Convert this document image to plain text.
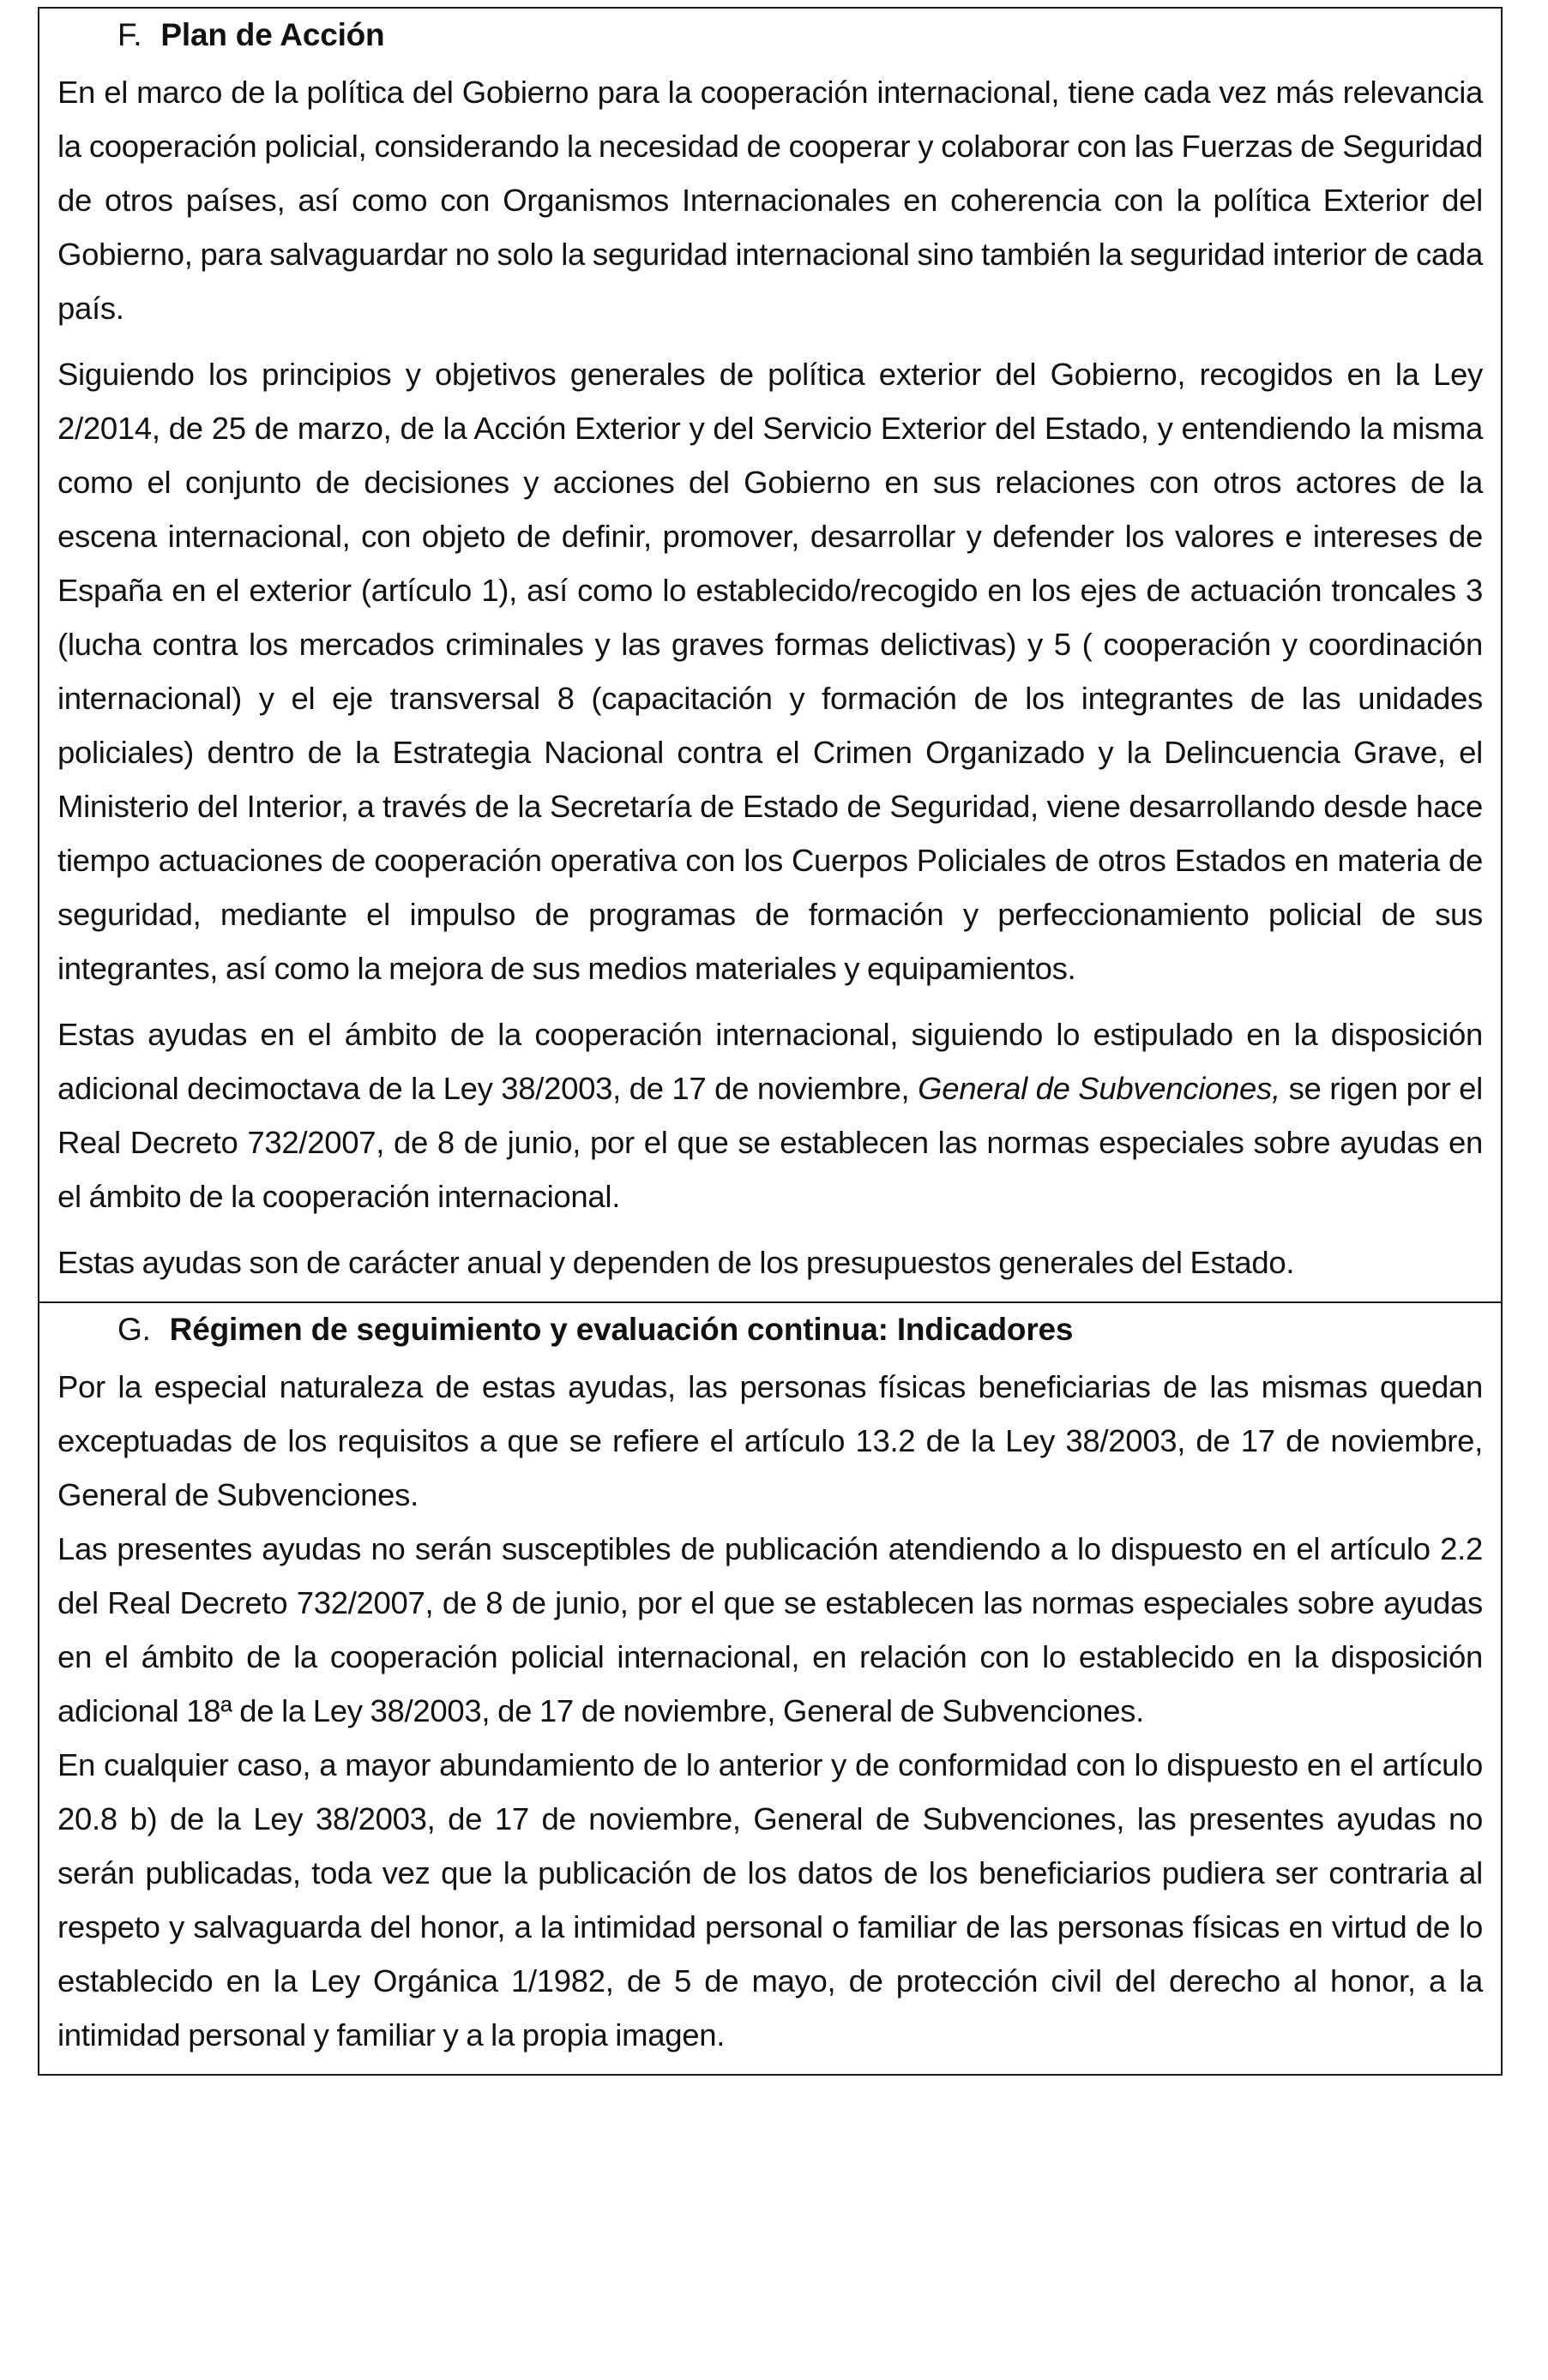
F. Plan de Acción

En el marco de la política del Gobierno para la cooperación internacional, tiene cada vez más relevancia la cooperación policial, considerando la necesidad de cooperar y colaborar con las Fuerzas de Seguridad de otros países, así como con Organismos Internacionales en coherencia con la política Exterior del Gobierno, para salvaguardar no solo la seguridad internacional sino también la seguridad interior de cada país.

Siguiendo los principios y objetivos generales de política exterior del Gobierno, recogidos en la Ley 2/2014, de 25 de marzo, de la Acción Exterior y del Servicio Exterior del Estado, y entendiendo la misma como el conjunto de decisiones y acciones del Gobierno en sus relaciones con otros actores de la escena internacional, con objeto de definir, promover, desarrollar y defender los valores e intereses de España en el exterior (artículo 1), así como lo establecido/recogido en los ejes de actuación troncales 3 (lucha contra los mercados criminales y las graves formas delictivas) y 5 ( cooperación y coordinación internacional) y el eje transversal 8 (capacitación y formación de los integrantes de las unidades policiales) dentro de la Estrategia Nacional contra el Crimen Organizado y la Delincuencia Grave, el Ministerio del Interior, a través de la Secretaría de Estado de Seguridad, viene desarrollando desde hace tiempo actuaciones de cooperación operativa con los Cuerpos Policiales de otros Estados en materia de seguridad, mediante el impulso de programas de formación y perfeccionamiento policial de sus integrantes, así como la mejora de sus medios materiales y equipamientos.

Estas ayudas en el ámbito de la cooperación internacional, siguiendo lo estipulado en la disposición adicional decimoctava de la Ley 38/2003, de 17 de noviembre, General de Subvenciones, se rigen por el Real Decreto 732/2007, de 8 de junio, por el que se establecen las normas especiales sobre ayudas en el ámbito de la cooperación internacional.

Estas ayudas son de carácter anual y dependen de los presupuestos generales del Estado.

G. Régimen de seguimiento y evaluación continua: Indicadores

Por la especial naturaleza de estas ayudas, las personas físicas beneficiarias de las mismas quedan exceptuadas de los requisitos a que se refiere el artículo 13.2 de la Ley 38/2003, de 17 de noviembre, General de Subvenciones.

Las presentes ayudas no serán susceptibles de publicación atendiendo a lo dispuesto en el artículo 2.2 del Real Decreto 732/2007, de 8 de junio, por el que se establecen las normas especiales sobre ayudas en el ámbito de la cooperación policial internacional, en relación con lo establecido en la disposición adicional 18ª de la Ley 38/2003, de 17 de noviembre, General de Subvenciones.

En cualquier caso, a mayor abundamiento de lo anterior y de conformidad con lo dispuesto en el artículo 20.8 b) de la Ley 38/2003, de 17 de noviembre, General de Subvenciones, las presentes ayudas no serán publicadas, toda vez que la publicación de los datos de los beneficiarios pudiera ser contraria al respeto y salvaguarda del honor, a la intimidad personal o familiar de las personas físicas en virtud de lo establecido en la Ley Orgánica 1/1982, de 5 de mayo, de protección civil del derecho al honor, a la intimidad personal y familiar y a la propia imagen.
